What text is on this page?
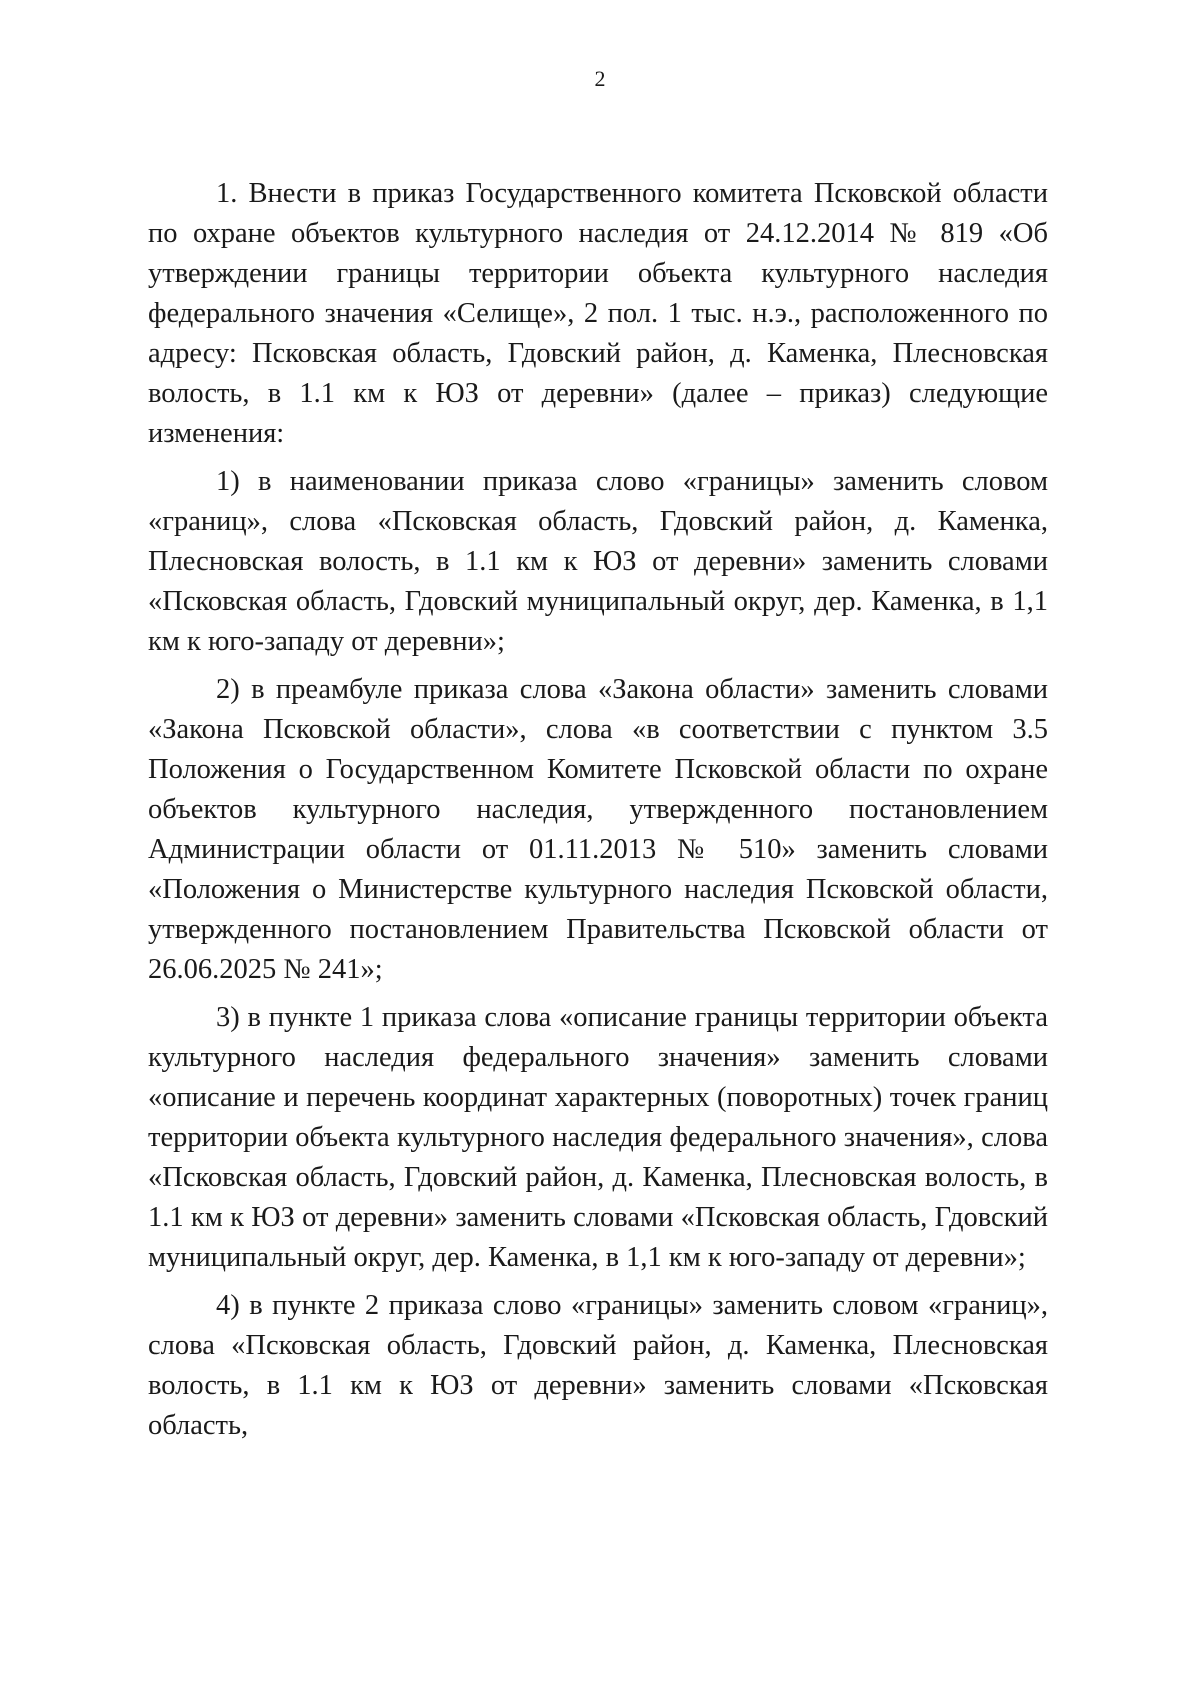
2

1. Внести в приказ Государственного комитета Псковской области по охране объектов культурного наследия от 24.12.2014 № 819 «Об утверждении границы территории объекта культурного наследия федерального значения «Селище», 2 пол. 1 тыс. н.э., расположенного по адресу: Псковская область, Гдовский район, д. Каменка, Плесновская волость, в 1.1 км к ЮЗ от деревни» (далее – приказ) следующие изменения:

1) в наименовании приказа слово «границы» заменить словом «границ», слова «Псковская область, Гдовский район, д. Каменка, Плесновская волость, в 1.1 км к ЮЗ от деревни» заменить словами «Псковская область, Гдовский муниципальный округ, дер. Каменка, в 1,1 км к юго-западу от деревни»;

2) в преамбуле приказа слова «Закона области» заменить словами «Закона Псковской области», слова «в соответствии с пунктом 3.5 Положения о Государственном Комитете Псковской области по охране объектов культурного наследия, утвержденного постановлением Администрации области от 01.11.2013 № 510» заменить словами «Положения о Министерстве культурного наследия Псковской области, утвержденного постановлением Правительства Псковской области от 26.06.2025 № 241»;

3) в пункте 1 приказа слова «описание границы территории объекта культурного наследия федерального значения» заменить словами «описание и перечень координат характерных (поворотных) точек границ территории объекта культурного наследия федерального значения», слова «Псковская область, Гдовский район, д. Каменка, Плесновская волость, в 1.1 км к ЮЗ от деревни» заменить словами «Псковская область, Гдовский муниципальный округ, дер. Каменка, в 1,1 км к юго-западу от деревни»;

4) в пункте 2 приказа слово «границы» заменить словом «границ», слова «Псковская область, Гдовский район, д. Каменка, Плесновская волость, в 1.1 км к ЮЗ от деревни» заменить словами «Псковская область,
